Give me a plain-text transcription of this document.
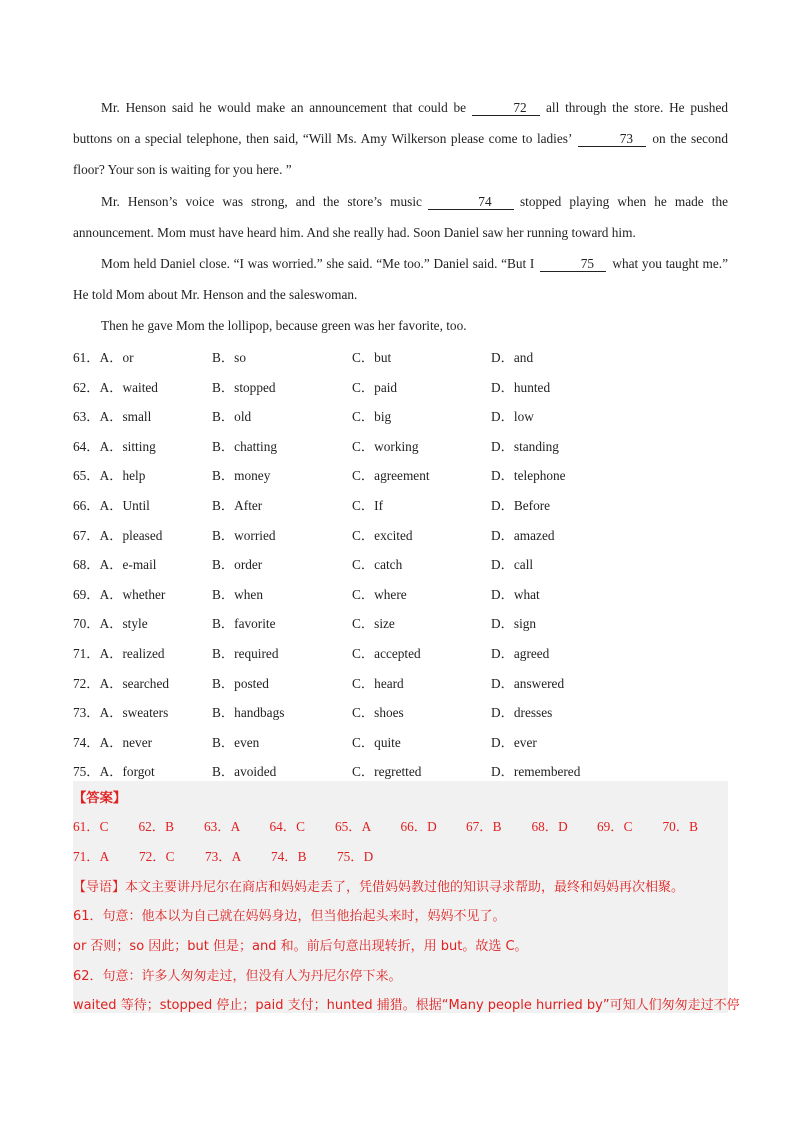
Mr. Henson said he would make an announcement that could be	72 all through the store. He pushed buttons on a special telephone, then said, “Will Ms. Amy Wilkerson please come to ladies’	73 on the second floor? Your son is waiting for you here. ”

Mr. Henson’s voice was strong, and the store’s music	74 stopped playing when he made the announcement. Mom must have heard him. And she really had. Soon Daniel saw her running toward him.

Mom held Daniel close. “I was worried.” she said. “Me too.” Daniel said. “But I	75 what you taught me.” He told Mom about Mr. Henson and the saleswoman.

Then he gave Mom the lollipop, because green was her favorite, too.

61．A．or	B．so	C．but	D．and
62．A．waited	B．stopped	C．paid	D．hunted
63．A．small	B．old	C．big	D．low
64．A．sitting	B．chatting	C．working	D．standing
65．A．help	B．money	C．agreement	D．telephone
66．A．Until	B．After	C．If	D．Before
67．A．pleased	B．worried	C．excited	D．amazed
68．A．e-mail	B．order	C．catch	D．call
69．A．whether	B．when	C．where	D．what
70．A．style	B．favorite	C．size	D．sign
71．A．realized	B．required	C．accepted	D．agreed
72．A．searched	B．posted	C．heard	D．answered
73．A．sweaters	B．handbags	C．shoes	D．dresses
74．A．never	B．even	C．quite	D．ever
75．A．forgot	B．avoided	C．regretted	D．remembered
【答案】
61．C	62．B	63．A	64．C	65．A	66．D	67．B	68．D	69．C	70．B
71．A	72．C	73．A	74．B	75．D
【导语】本文主要讲丹尼尔在商店和妈妈走丢了，凭借妈妈教过他的知识寻求帮助，最终和妈妈再次相聚。
61．句意：他本以为自己就在妈妈身边，但当他抬起头来时，妈妈不见了。
or 否则；so 因此；but 但是；and 和。前后句意出现转折，用 but。故选 C。
62．句意：许多人匆匆走过，但没有人为丹尼尔停下来。
waited 等待；stopped 停止；paid 支付；hunted 捕猎。根据“Many people hurried by”可知人们匆匆走过不停
